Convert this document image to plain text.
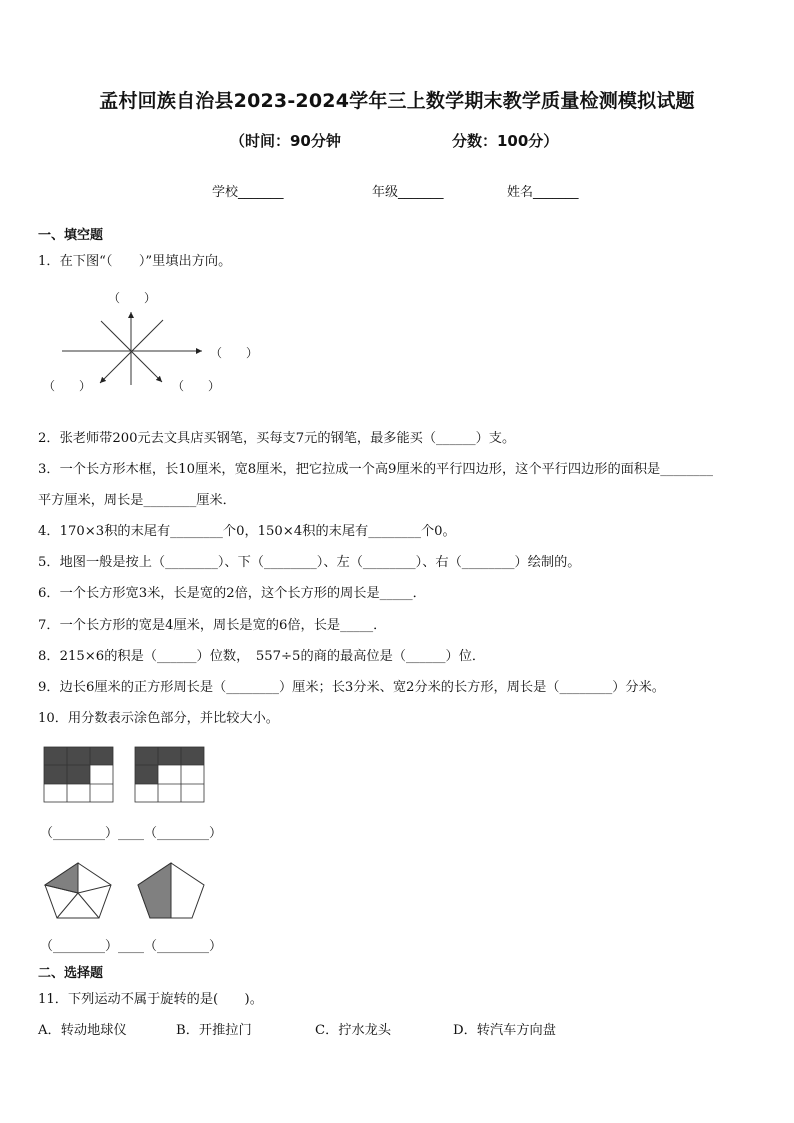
孟村回族自治县2023-2024学年三上数学期末教学质量检测模拟试题
（时间：90分钟	分数：100分）
学校_______	年级_______	姓名_______
一、填空题
1．在下图“（　　）”里填出方向。
（　　）
（　　）
（　　）	（　　）
2．张老师带200元去文具店买钢笔，买每支7元的钢笔，最多能买（______）支。
3．一个长方形木框，长10厘米，宽8厘米，把它拉成一个高9厘米的平行四边形，这个平行四边形的面积是________
平方厘米，周长是________厘米．
4．170×3积的末尾有________个0，150×4积的末尾有________个0。
5．地图一般是按上（________）、下（________）、左（________）、右（________）绘制的。
6．一个长方形宽3米，长是宽的2倍，这个长方形的周长是_____．
7．一个长方形的宽是4厘米，周长是宽的6倍，长是_____．
8．215×6的积是（______）位数，　557÷5的商的最高位是（______）位．
9．边长6厘米的正方形周长是（________）厘米；长3分米、宽2分米的长方形，周长是（________）分米。
10．用分数表示涂色部分，并比较大小。
（________）____（________）
（________）____（________）
二、选择题
11．下列运动不属于旋转的是(　　)。
A．转动地球仪	B．开推拉门	C．拧水龙头	D．转汽车方向盘
